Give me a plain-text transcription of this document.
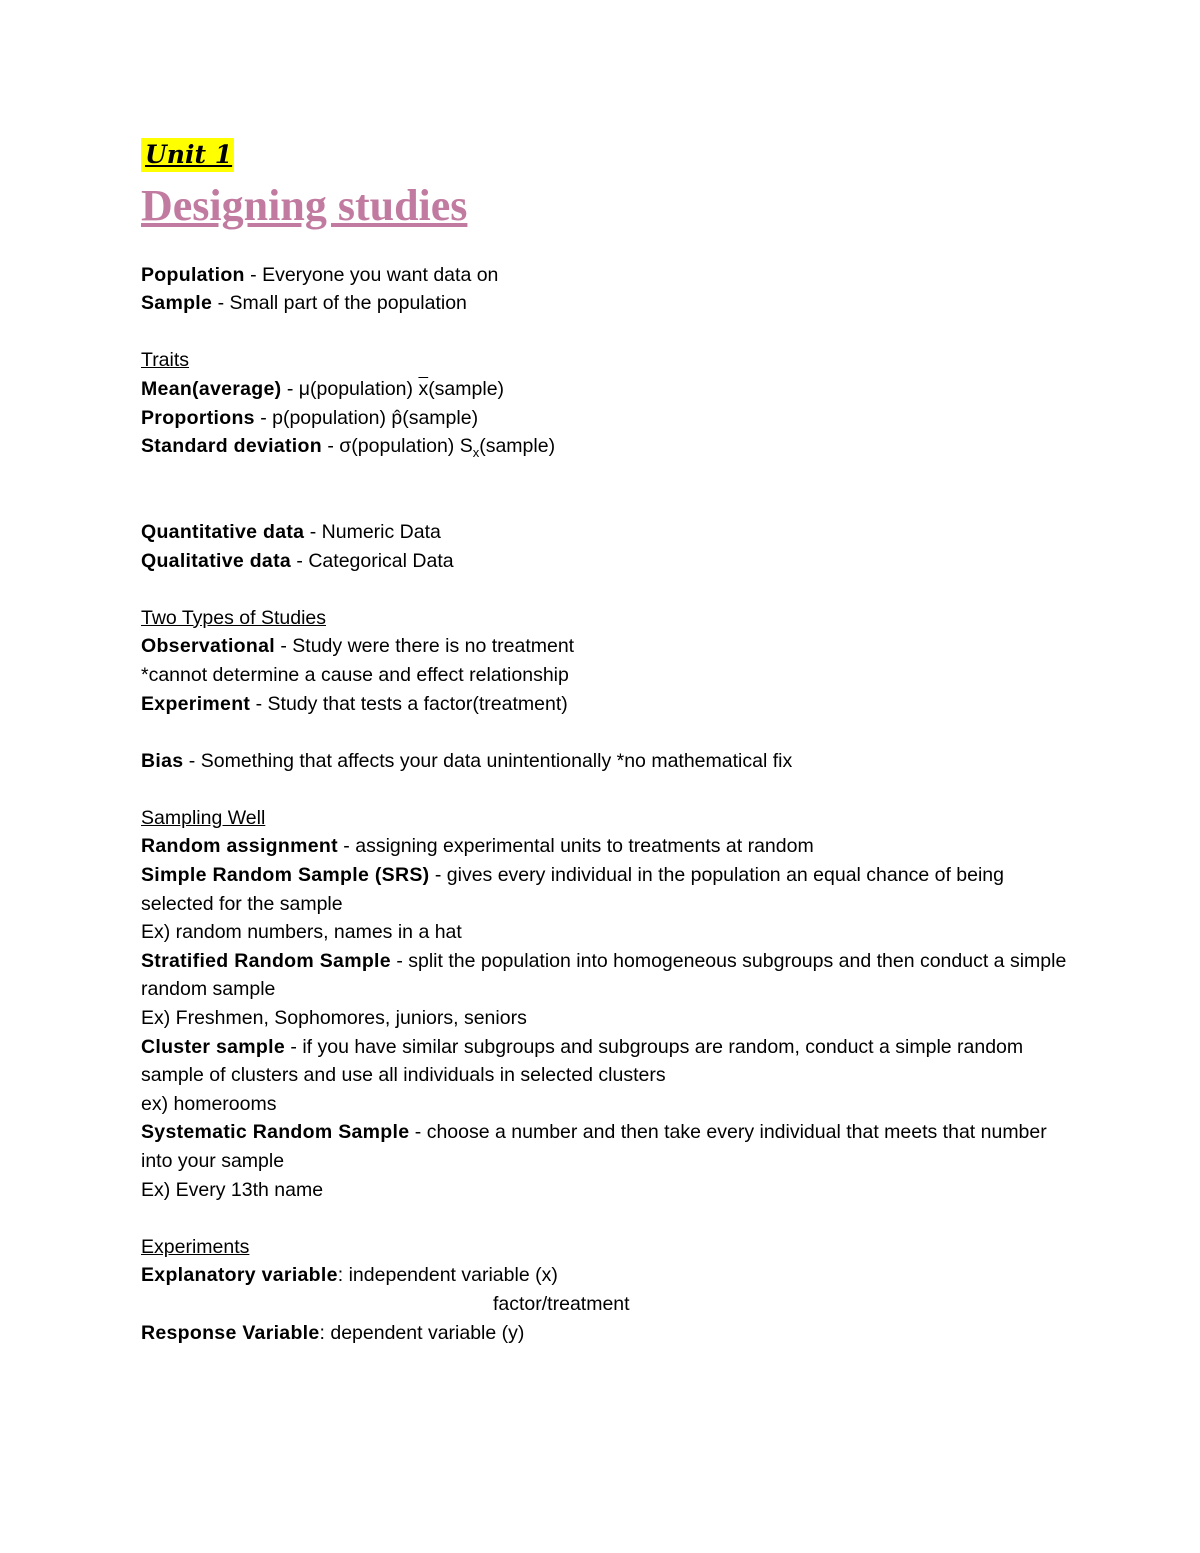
Unit 1
Designing studies
Population - Everyone you want data on
Sample - Small part of the population
Traits
Mean(average) - μ(population) $\overline{x}(sample)$
Proportions - p(population) p̂(sample)
Standard deviation - σ(population) $S_x(sample)$
Quantitative data - Numeric Data
Qualitative data - Categorical Data
Two Types of Studies
Observational - Study were there is no treatment
*cannot determine a cause and effect relationship
Experiment - Study that tests a factor(treatment)
Bias - Something that affects your data unintentionally *no mathematical fix
Sampling Well
Random assignment - assigning experimental units to treatments at random
Simple Random Sample (SRS) - gives every individual in the population an equal chance of being selected for the sample
Ex) random numbers, names in a hat
Stratified Random Sample - split the population into homogeneous subgroups and then conduct a simple random sample
Ex) Freshmen, Sophomores, juniors, seniors
Cluster sample - if you have similar subgroups and subgroups are random, conduct a simple random sample of clusters and use all individuals in selected clusters
ex) homerooms
Systematic Random Sample - choose a number and then take every individual that meets that number into your sample
Ex) Every 13th name
Experiments
Explanatory variable: independent variable (x)
factor/treatment
Response Variable: dependent variable (y)
